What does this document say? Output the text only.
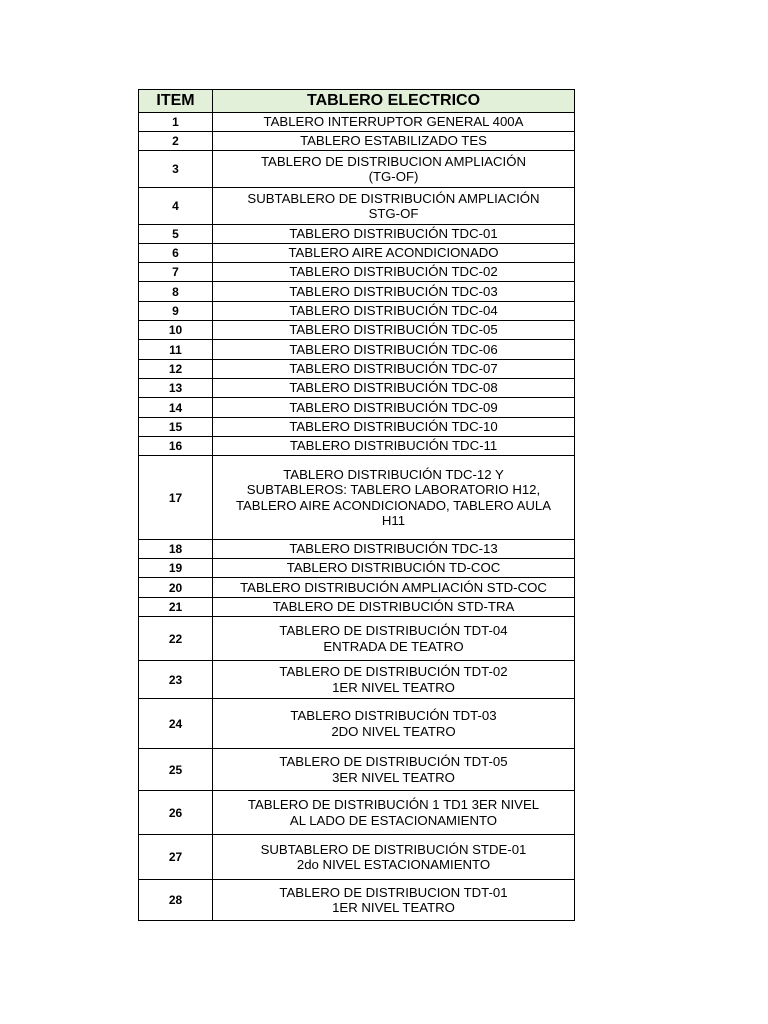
ITEM	TABLERO ELECTRICO
1	TABLERO INTERRUPTOR GENERAL 400A
2	TABLERO ESTABILIZADO TES
3	TABLERO DE DISTRIBUCION AMPLIACIÓN
(TG-OF)
4	SUBTABLERO DE DISTRIBUCIÓN AMPLIACIÓN
STG-OF
5	TABLERO DISTRIBUCIÓN TDC-01
6	TABLERO AIRE ACONDICIONADO
7	TABLERO DISTRIBUCIÓN TDC-02
8	TABLERO DISTRIBUCIÓN TDC-03
9	TABLERO DISTRIBUCIÓN TDC-04
10	TABLERO DISTRIBUCIÓN TDC-05
11	TABLERO DISTRIBUCIÓN TDC-06
12	TABLERO DISTRIBUCIÓN TDC-07
13	TABLERO DISTRIBUCIÓN TDC-08
14	TABLERO DISTRIBUCIÓN TDC-09
15	TABLERO DISTRIBUCIÓN TDC-10
16	TABLERO DISTRIBUCIÓN TDC-11
17	TABLERO DISTRIBUCIÓN TDC-12 Y
SUBTABLEROS: TABLERO LABORATORIO H12,
TABLERO AIRE ACONDICIONADO, TABLERO AULA
H11
18	TABLERO DISTRIBUCIÓN TDC-13
19	TABLERO DISTRIBUCIÓN TD-COC
20	TABLERO DISTRIBUCIÓN AMPLIACIÓN STD-COC
21	TABLERO DE DISTRIBUCIÓN STD-TRA
22	TABLERO DE DISTRIBUCIÓN TDT-04
ENTRADA DE TEATRO
23	TABLERO DE DISTRIBUCIÓN TDT-02
1ER NIVEL TEATRO
24	TABLERO DISTRIBUCIÓN TDT-03
2DO NIVEL TEATRO
25	TABLERO DE DISTRIBUCIÓN TDT-05
3ER NIVEL TEATRO
26	TABLERO DE DISTRIBUCIÓN 1 TD1 3ER NIVEL
AL LADO DE ESTACIONAMIENTO
27	SUBTABLERO DE DISTRIBUCIÓN STDE-01
2do NIVEL ESTACIONAMIENTO
28	TABLERO DE DISTRIBUCION TDT-01
1ER NIVEL TEATRO
